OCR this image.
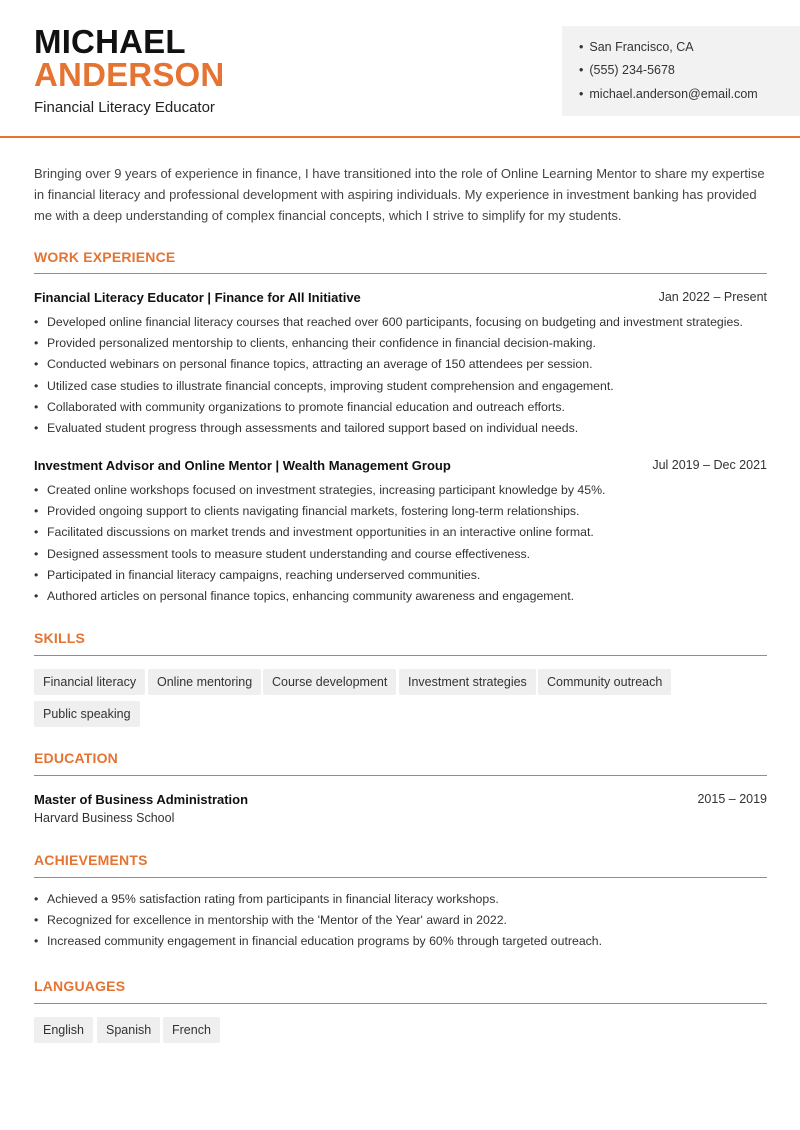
MICHAEL
ANDERSON
Financial Literacy Educator
• San Francisco, CA
• (555) 234-5678
• michael.anderson@email.com
Bringing over 9 years of experience in finance, I have transitioned into the role of Online Learning Mentor to share my expertise in financial literacy and professional development with aspiring individuals. My experience in investment banking has provided me with a deep understanding of complex financial concepts, which I strive to simplify for my students.
WORK EXPERIENCE
Financial Literacy Educator | Finance for All Initiative	Jan 2022 – Present
• Developed online financial literacy courses that reached over 600 participants, focusing on budgeting and investment strategies.
• Provided personalized mentorship to clients, enhancing their confidence in financial decision-making.
• Conducted webinars on personal finance topics, attracting an average of 150 attendees per session.
• Utilized case studies to illustrate financial concepts, improving student comprehension and engagement.
• Collaborated with community organizations to promote financial education and outreach efforts.
• Evaluated student progress through assessments and tailored support based on individual needs.
Investment Advisor and Online Mentor | Wealth Management Group	Jul 2019 – Dec 2021
• Created online workshops focused on investment strategies, increasing participant knowledge by 45%.
• Provided ongoing support to clients navigating financial markets, fostering long-term relationships.
• Facilitated discussions on market trends and investment opportunities in an interactive online format.
• Designed assessment tools to measure student understanding and course effectiveness.
• Participated in financial literacy campaigns, reaching underserved communities.
• Authored articles on personal finance topics, enhancing community awareness and engagement.
SKILLS
Financial literacy	Online mentoring	Course development	Investment strategies	Community outreach
Public speaking
EDUCATION
Master of Business Administration	2015 – 2019
Harvard Business School
ACHIEVEMENTS
• Achieved a 95% satisfaction rating from participants in financial literacy workshops.
• Recognized for excellence in mentorship with the 'Mentor of the Year' award in 2022.
• Increased community engagement in financial education programs by 60% through targeted outreach.
LANGUAGES
English	Spanish	French
